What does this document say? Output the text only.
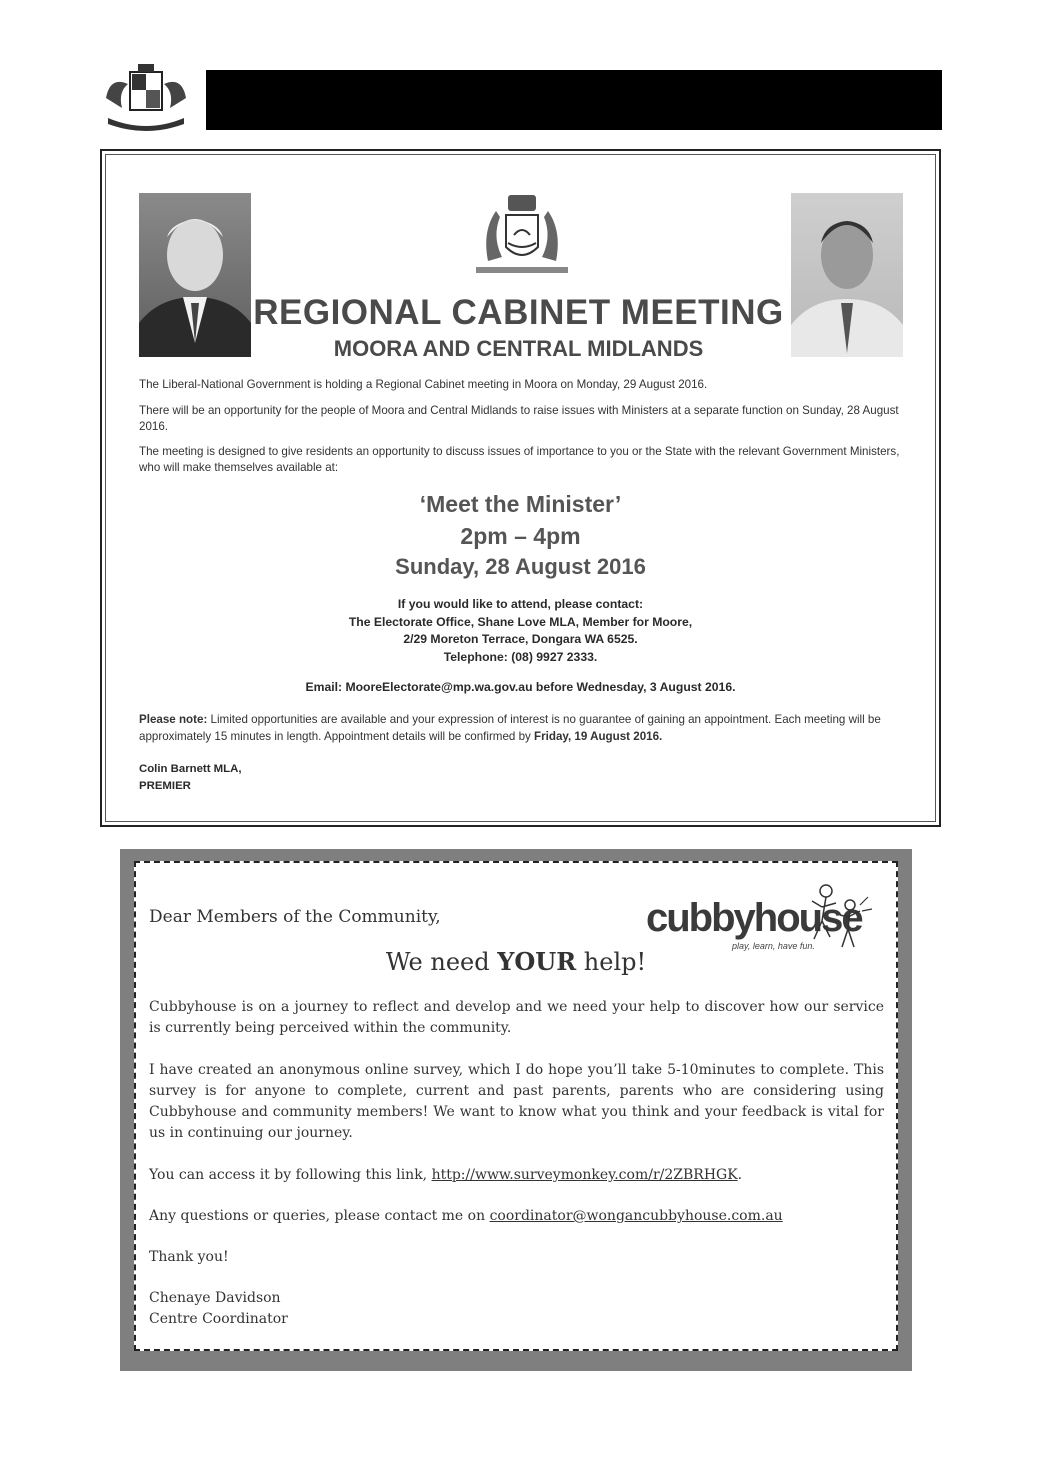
REGIONAL CABINET MEETING
MOORA AND CENTRAL MIDLANDS
The Liberal-National Government is holding a Regional Cabinet meeting in Moora on Monday, 29 August 2016.
There will be an opportunity for the people of Moora and Central Midlands to raise issues with Ministers at a separate function on Sunday, 28 August 2016.
The meeting is designed to give residents an opportunity to discuss issues of importance to you or the State with the relevant Government Ministers, who will make themselves available at:
‘Meet the Minister’
2pm – 4pm
Sunday, 28 August 2016
If you would like to attend, please contact:
The Electorate Office, Shane Love MLA, Member for Moore,
2/29 Moreton Terrace, Dongara WA 6525.
Telephone: (08) 9927 2333.
Email: MooreElectorate@mp.wa.gov.au before Wednesday, 3 August 2016.
Please note: Limited opportunities are available and your expression of interest is no guarantee of gaining an appointment. Each meeting will be approximately 15 minutes in length. Appointment details will be confirmed by Friday, 19 August 2016.
Colin Barnett MLA,
PREMIER
cubbyhouse
play, learn, have fun.
Dear Members of the Community,
We need YOUR help!
Cubbyhouse is on a journey to reflect and develop and we need your help to discover how our service is currently being perceived within the community.
I have created an anonymous online survey, which I do hope you’ll take 5-10minutes to complete. This survey is for anyone to complete, current and past parents, parents who are considering using Cubbyhouse and community members! We want to know what you think and your feedback is vital for us in continuing our journey.
You can access it by following this link, http://www.surveymonkey.com/r/2ZBRHGK.
Any questions or queries, please contact me on coordinator@wongancubbyhouse.com.au
Thank you!
Chenaye Davidson
Centre Coordinator
